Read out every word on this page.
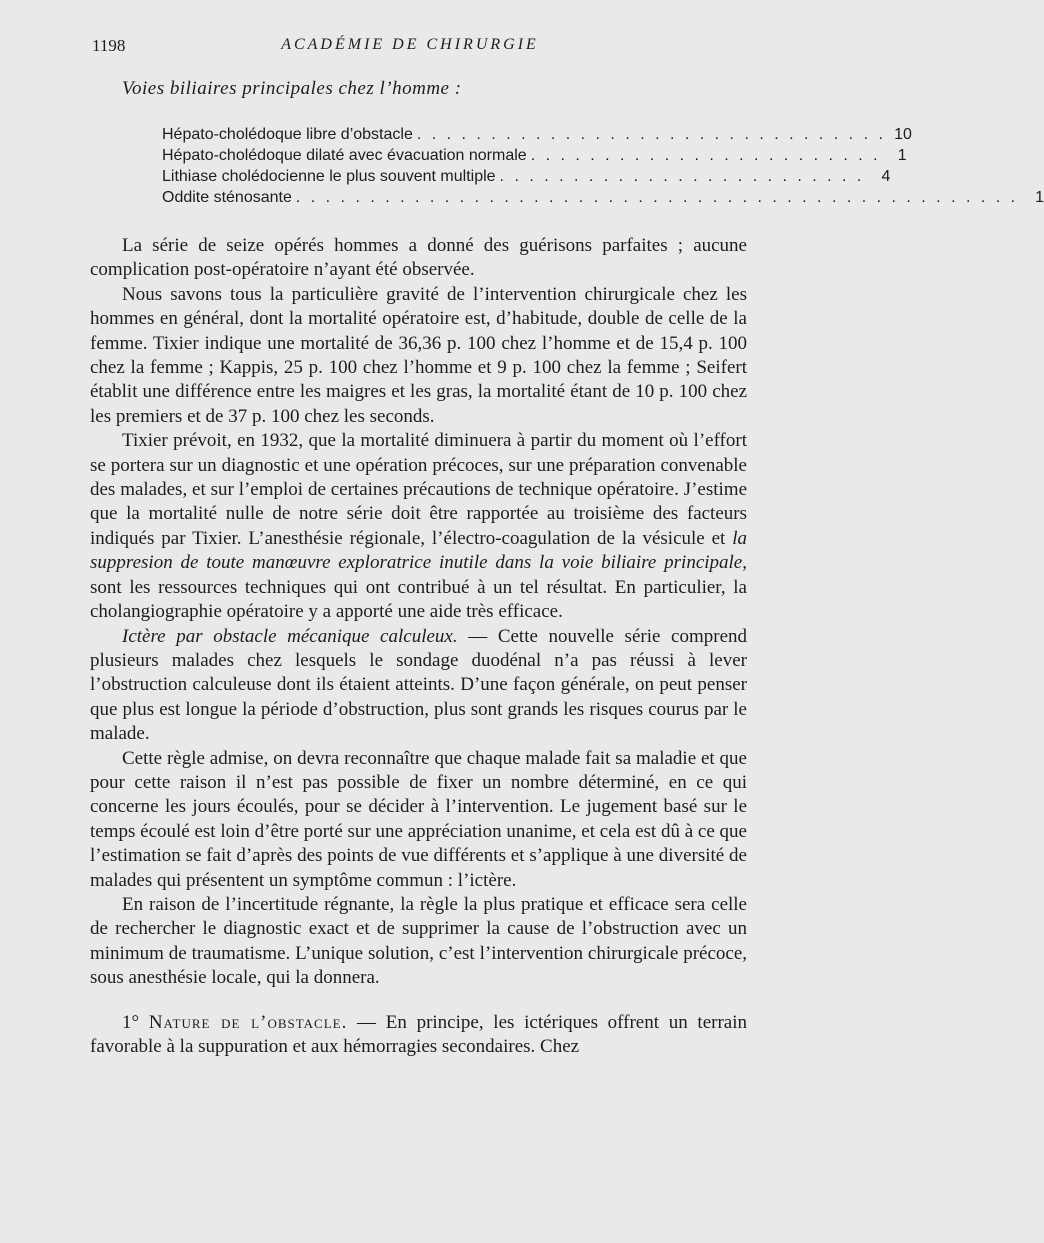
1198	ACADÉMIE DE CHIRURGIE
Voies biliaires principales chez l’homme :
Hépato-cholédoque libre d’obstacle . . . . . . . . . . . . . . . . . . . . . . . . . . . . . . . . 10
Hépato-cholédoque dilaté avec évacuation normale . . . . . . . . . . . . . . . . . . . . . . . .	1
Lithiase cholédocienne le plus souvent multiple . . . . . . . . . . . . . . . . . . . . . . . . .	4
Oddite sténosante . . . . . . . . . . . . . . . . . . . . . . . . . . . . . . . . . . . . . . . . . . . . . . . . .	1

La série de seize opérés hommes a donné des guérisons parfaites ; aucune complication post-opératoire n’ayant été observée.

Nous savons tous la particulière gravité de l’intervention chirurgicale chez les hommes en général, dont la mortalité opératoire est, d’habitude, double de celle de la femme. Tixier indique une mortalité de 36,36 p. 100 chez l’homme et de 15,4 p. 100 chez la femme ; Kappis, 25 p. 100 chez l’homme et 9 p. 100 chez la femme ; Seifert établit une différence entre les maigres et les gras, la mortalité étant de 10 p. 100 chez les premiers et de 37 p. 100 chez les seconds.

Tixier prévoit, en 1932, que la mortalité diminuera à partir du moment où l’effort se portera sur un diagnostic et une opération précoces, sur une préparation convenable des malades, et sur l’emploi de certaines précautions de technique opératoire. J’estime que la mortalité nulle de notre série doit être rapportée au troisième des facteurs indiqués par Tixier. L’anesthésie régionale, l’électro-coagulation de la vésicule et la suppresion de toute manœuvre exploratrice inutile dans la voie biliaire principale, sont les ressources techniques qui ont contribué à un tel résultat. En particulier, la cholangiographie opératoire y a apporté une aide très efficace.

Ictère par obstacle mécanique calculeux. — Cette nouvelle série comprend plusieurs malades chez lesquels le sondage duodénal n’a pas réussi à lever l’obstruction calculeuse dont ils étaient atteints. D’une façon générale, on peut penser que plus est longue la période d’obstruction, plus sont grands les risques courus par le malade.

Cette règle admise, on devra reconnaître que chaque malade fait sa maladie et que pour cette raison il n’est pas possible de fixer un nombre déterminé, en ce qui concerne les jours écoulés, pour se décider à l’intervention. Le jugement basé sur le temps écoulé est loin d’être porté sur une appréciation unanime, et cela est dû à ce que l’estimation se fait d’après des points de vue différents et s’applique à une diversité de malades qui présentent un symptôme commun : l’ictère.

En raison de l’incertitude régnante, la règle la plus pratique et efficace sera celle de rechercher le diagnostic exact et de supprimer la cause de l’obstruction avec un minimum de traumatisme. L’unique solution, c’est l’intervention chirurgicale précoce, sous anesthésie locale, qui la donnera.

1° Nature de l’obstacle. — En principe, les ictériques offrent un terrain favorable à la suppuration et aux hémorragies secondaires. Chez
